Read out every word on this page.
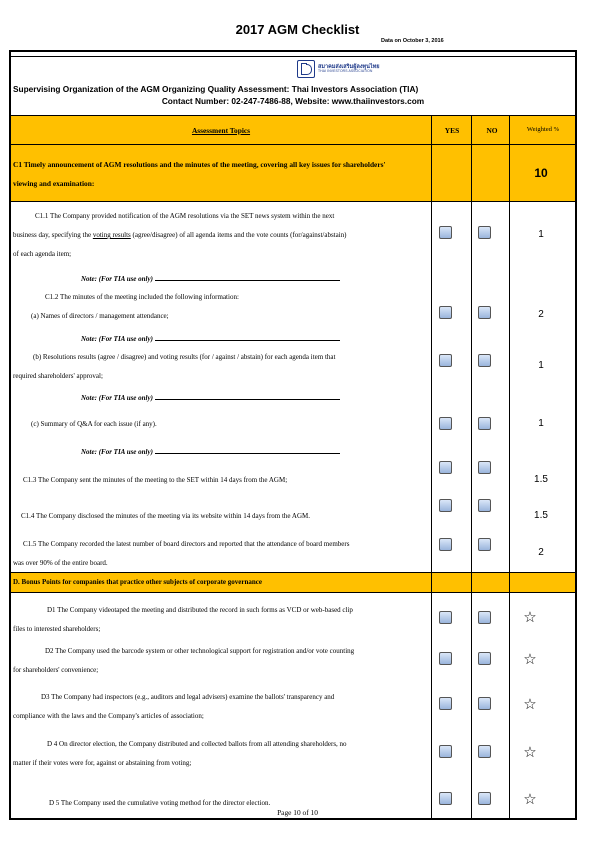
2017 AGM Checklist
Data on October 3, 2016
สมาคมส่งเสริมผู้ลงทุนไทย
THAI INVESTORS ASSOCIATION
Supervising Organization of the AGM Organizing Quality Assessment: Thai Investors Association (TIA)
Contact Number: 02-247-7486-88, Website: www.thaiinvestors.com
Assessment Topics	YES	NO	Weighted %
C1 Timely announcement of AGM resolutions and the minutes of the meeting, covering all key issues for shareholders'
viewing and examination:
10
C1.1 The Company provided notification of the AGM resolutions via the SET news system within the next
business day, specifying the voting results (agree/disagree) of all agenda items and the vote counts (for/against/abstain)
of each agenda item;
1
Note: (For TIA use only)
C1.2 The minutes of the meeting included the following information:
(a) Names of directors / management attendance;	2
Note: (For TIA use only)
(b) Resolutions results (agree / disagree) and voting results (for / against / abstain) for each agenda item that
required shareholders' approval;
1
Note: (For TIA use only)
(c) Summary of Q&A for each issue (if any).	1
Note: (For TIA use only)
C1.3 The Company sent the minutes of the meeting to the SET within 14 days from the AGM;	1.5
C1.4 The Company disclosed the minutes of the meeting via its website within 14 days from the AGM.	1.5
C1.5 The Company recorded the latest number of board directors and reported that the attendance of board members
was over 90% of the entire board.
2
D. Bonus Points for companies that practice other subjects of corporate governance
D1 The Company videotaped the meeting and distributed the record in such forms as VCD or web-based clip
files to interested shareholders;
☆
D2 The Company used the barcode system or other technological support for registration and/or vote counting
for shareholders' convenience;
☆
D3 The Company had inspectors (e.g., auditors and legal advisers) examine the ballots' transparency and
compliance with the laws and the Company's articles of association;
☆
D 4 On director election, the Company distributed and collected ballots from all attending shareholders, no
matter if their votes were for, against or abstaining from voting;
☆
D 5 The Company used the cumulative voting method for the director election.	☆
Page 10 of 10
